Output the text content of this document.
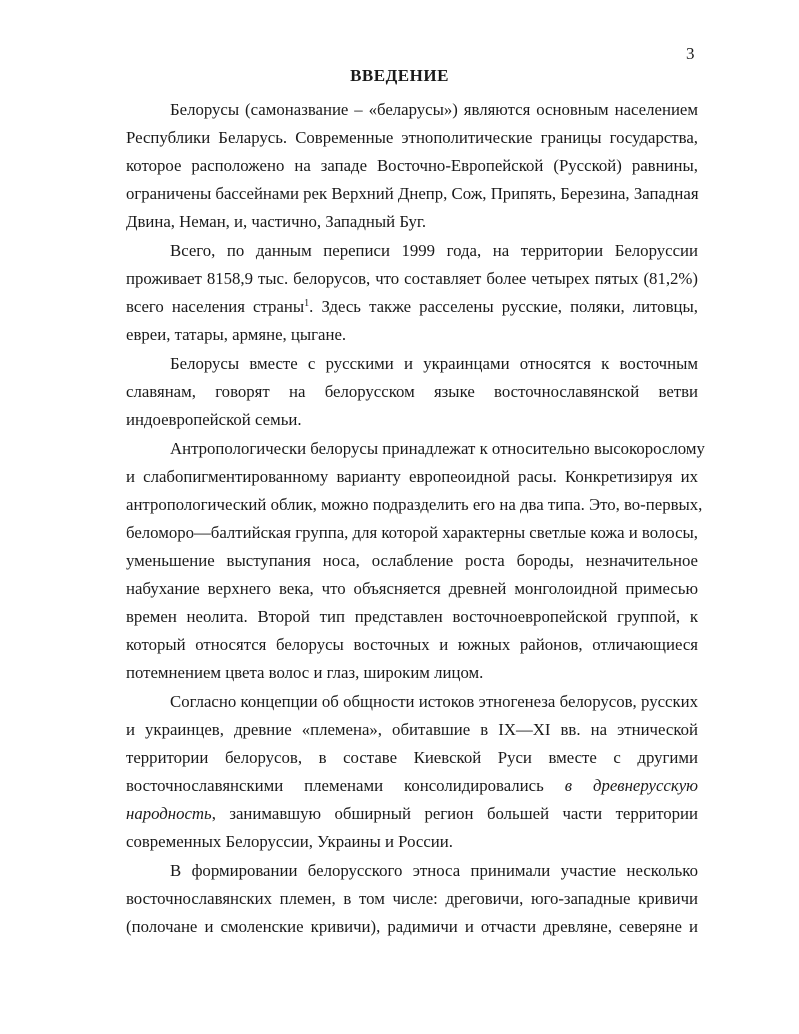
3
ВВЕДЕНИЕ
Белорусы (самоназвание – «беларусы») являются основным населением
Республики Беларусь. Современные этнополитические границы государства,
которое расположено на западе Восточно-Европейской (Русской) равнины,
ограничены бассейнами рек Верхний Днепр, Сож, Припять, Березина, Западная
Двина, Неман, и, частично, Западный Буг.
Всего, по данным переписи 1999 года, на территории Белоруссии
проживает 8158,9 тыс. белорусов, что составляет более четырех пятых (81,2%)
всего населения страны$^1$. Здесь также расселены русские, поляки, литовцы,
евреи, татары, армяне, цыгане.
Белорусы вместе с русскими и украинцами относятся к восточным
славянам, говорят на белорусском языке восточнославянской ветви
индоевропейской семьи.
Антропологически белорусы принадлежат к относительно высокорослому
и слабопигментированному варианту европеоидной расы. Конкретизируя их
антропологический облик, можно подразделить его на два типа. Это, во-первых,
беломоро—балтийская группа, для которой характерны светлые кожа и волосы,
уменьшение выступания носа, ослабление роста бороды, незначительное
набухание верхнего века, что объясняется древней монголоидной примесью
времен неолита. Второй тип представлен восточноевропейской группой, к
который относятся белорусы восточных и южных районов, отличающиеся
потемнением цвета волос и глаз, широким лицом.
Согласно концепции об общности истоков этногенеза белорусов, русских
и украинцев, древние «племена», обитавшие в IX—XI вв. на этнической
территории белорусов, в составе Киевской Руси вместе с другими
восточнославянскими племенами консолидировались в древнерусскую
народность, занимавшую обширный регион большей части территории
современных Белоруссии, Украины и России.
В формировании белорусского этноса принимали участие несколько
восточнославянских племен, в том числе: дреговичи, юго-западные кривичи
(полочане и смоленские кривичи), радимичи и отчасти древляне, северяне и
